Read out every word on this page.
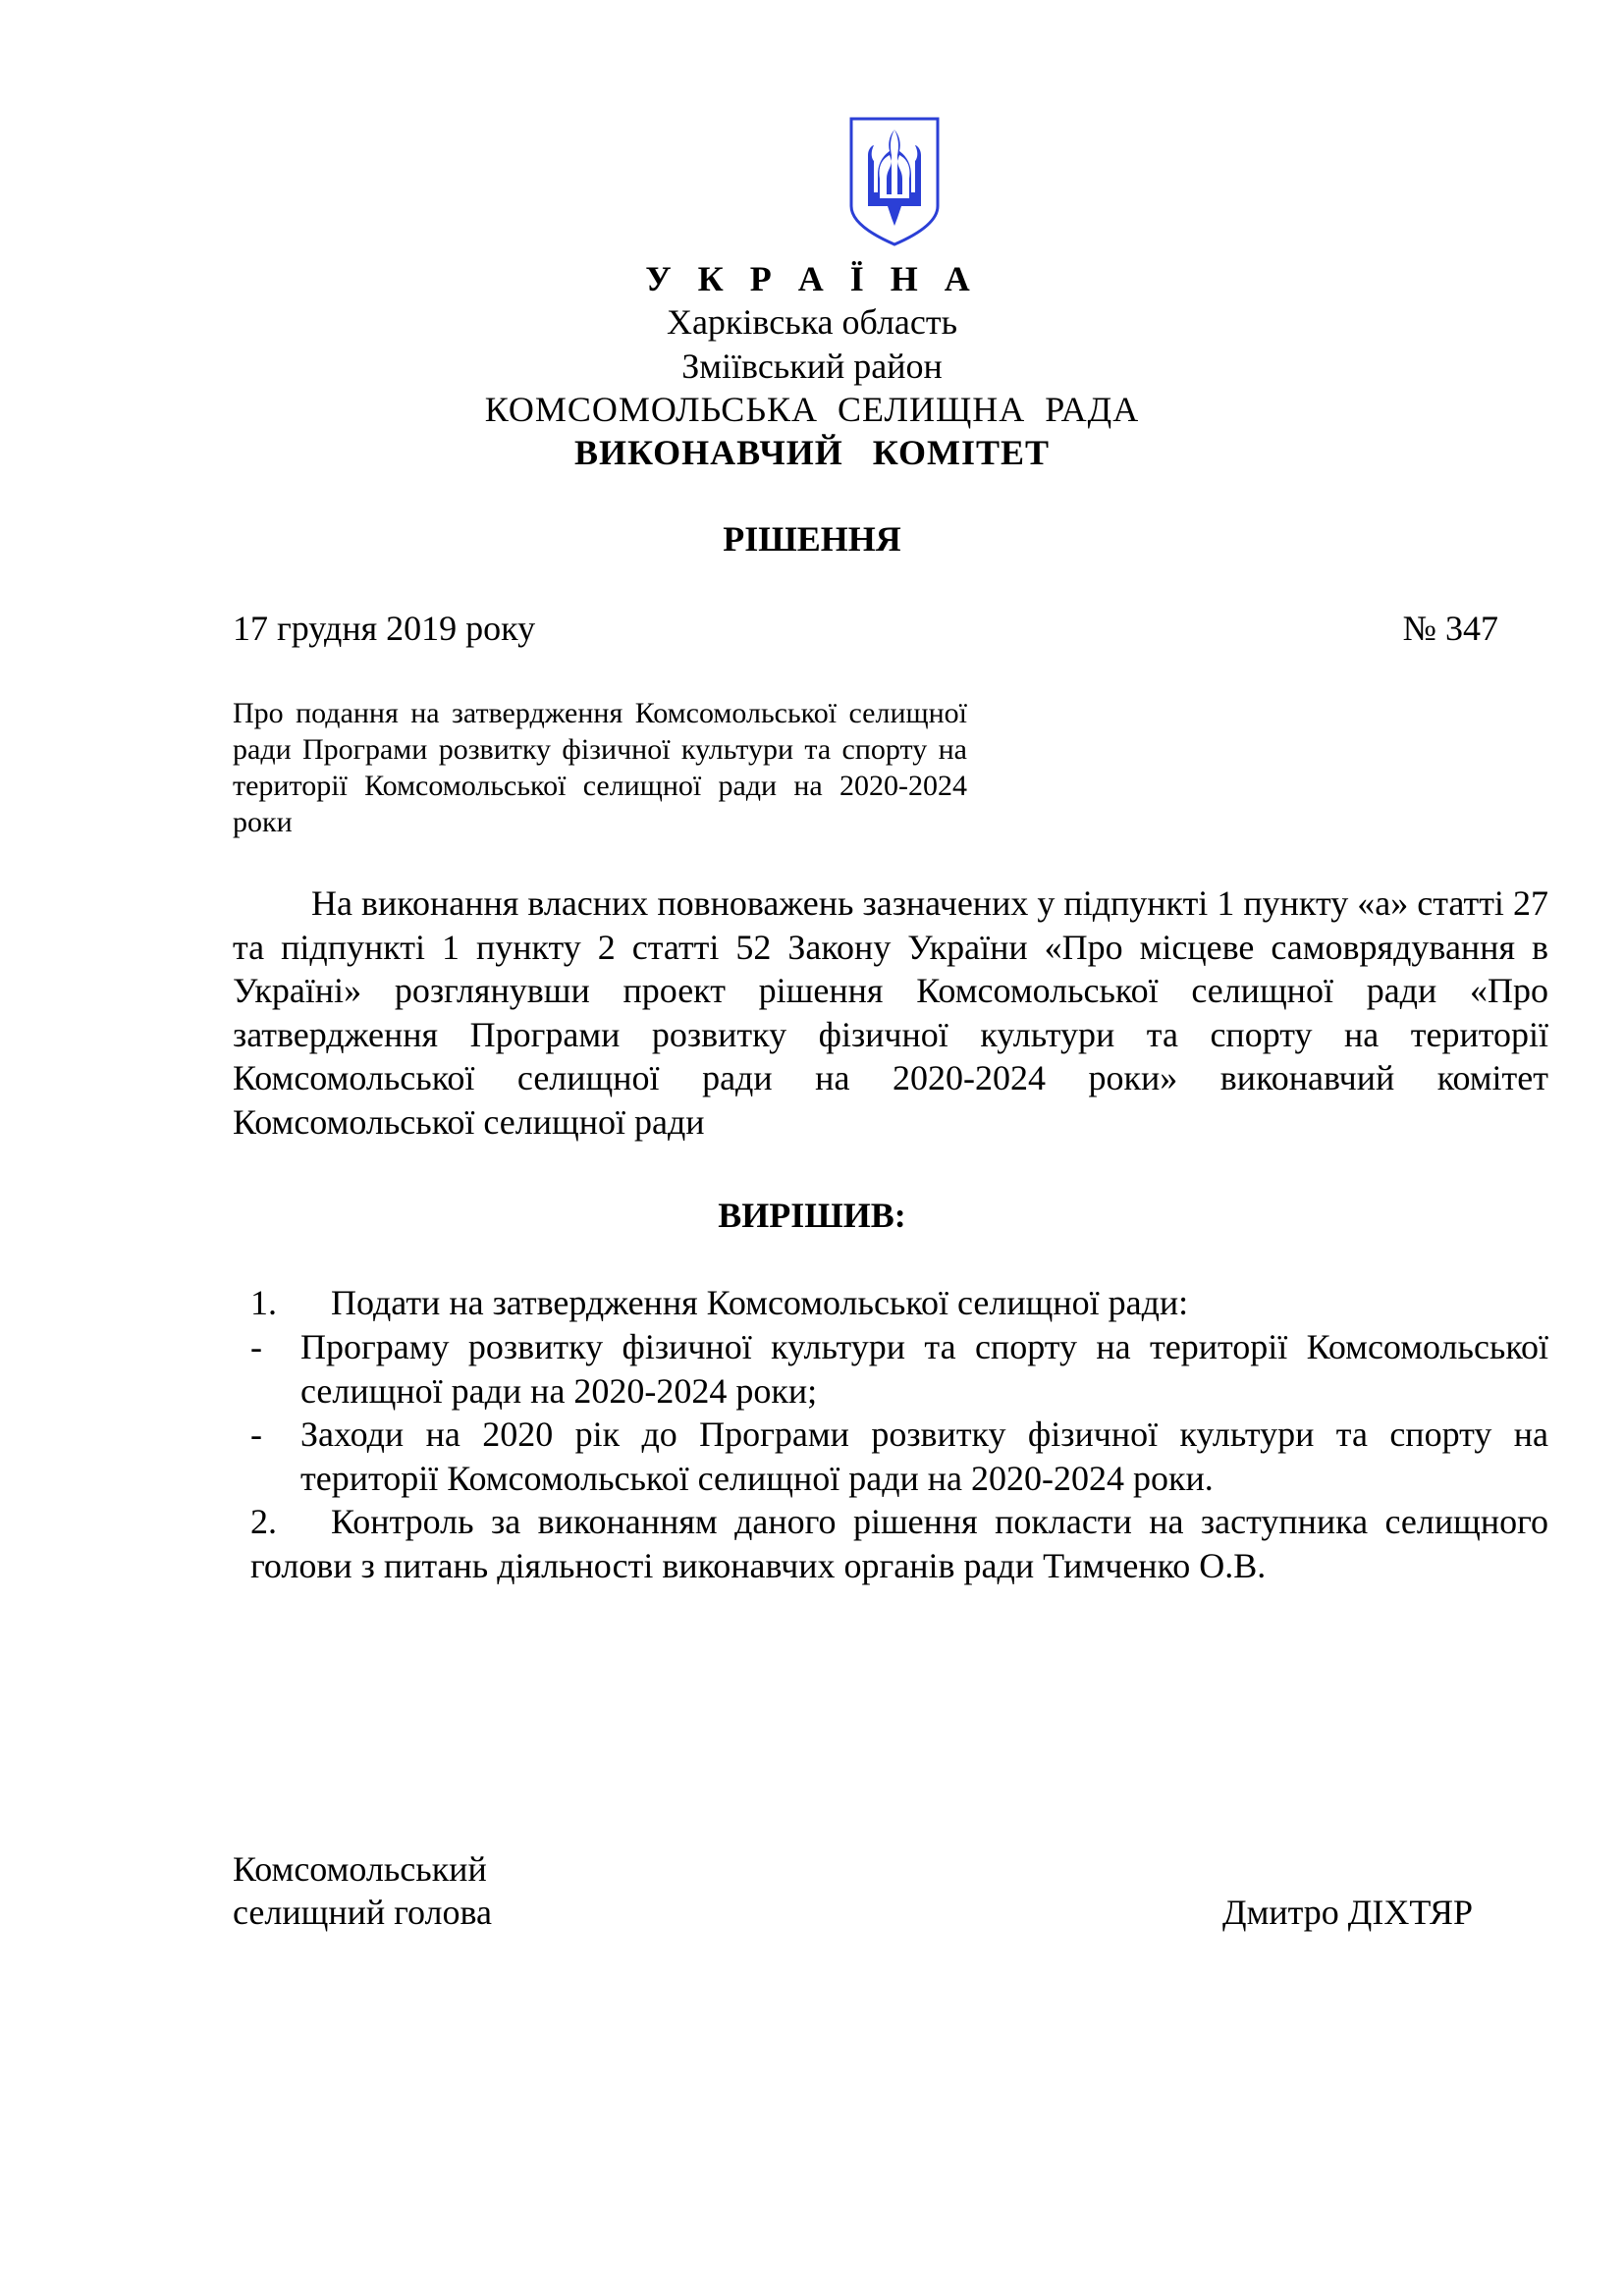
У К Р А Ї Н А
Харківська область
Зміївський район
КОМСОМОЛЬСЬКА  СЕЛИЩНА  РАДА
ВИКОНАВЧИЙ   КОМІТЕТ
РІШЕННЯ
17 грудня 2019 року	№ 347
Про подання на затвердження Комсомольської селищної ради Програми розвитку фізичної культури та спорту на території Комсомольської селищної ради на 2020-2024 роки
На виконання власних повноважень зазначених у підпункті 1 пункту «а» статті 27 та підпункті 1 пункту 2 статті 52 Закону України «Про місцеве самоврядування в Україні» розглянувши проект рішення Комсомольської селищної ради «Про затвердження Програми розвитку фізичної культури та спорту на території Комсомольської селищної ради на 2020-2024 роки» виконавчий комітет Комсомольської селищної ради
ВИРІШИВ:
1. Подати на затвердження Комсомольської селищної ради:
- Програму розвитку фізичної культури та спорту на території Комсомольської селищної ради на 2020-2024 роки;
- Заходи на 2020 рік до Програми розвитку фізичної культури та спорту на території Комсомольської селищної ради на 2020-2024 роки.
2. Контроль за виконанням даного рішення покласти на заступника селищного голови з питань діяльності виконавчих органів ради Тимченко О.В.
Комсомольський
селищний голова	Дмитро ДІХТЯР
